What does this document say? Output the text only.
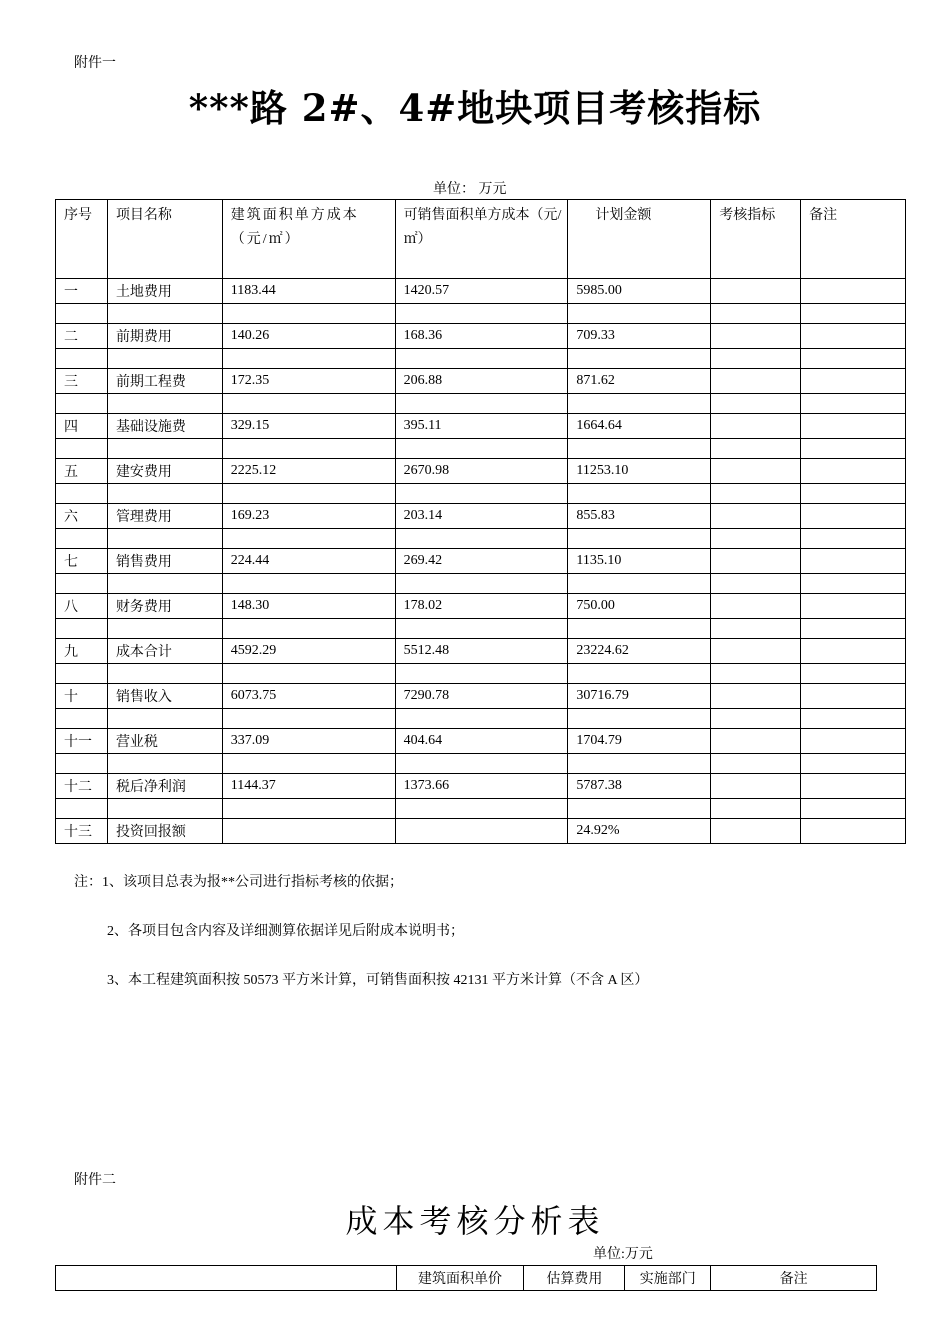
附件一
***路 2#、4#地块项目考核指标
单位： 万元
序号	项目名称	建筑面积单方成本（元/㎡）	可销售面积单方成本（元/㎡）	计划金额	考核指标	备注
一	土地费用	1183.44	1420.57	5985.00		

二	前期费用	140.26	168.36	709.33		

三	前期工程费	172.35	206.88	871.62		

四	基础设施费	329.15	395.11	1664.64		

五	建安费用	2225.12	2670.98	11253.10		

六	管理费用	169.23	203.14	855.83		

七	销售费用	224.44	269.42	1135.10		

八	财务费用	148.30	178.02	750.00		

九	成本合计	4592.29	5512.48	23224.62		

十	销售收入	6073.75	7290.78	30716.79		

十一	营业税	337.09	404.64	1704.79		

十二	税后净利润	1144.37	1373.66	5787.38		

十三	投资回报额			24.92%		
注：1、该项目总表为报**公司进行指标考核的依据；
2、各项目包含内容及详细测算依据详见后附成本说明书；
3、本工程建筑面积按 50573 平方米计算，可销售面积按 42131 平方米计算（不含 A 区）
附件二
成本考核分析表
单位:万元
	建筑面积单价	估算费用	实施部门	备注
